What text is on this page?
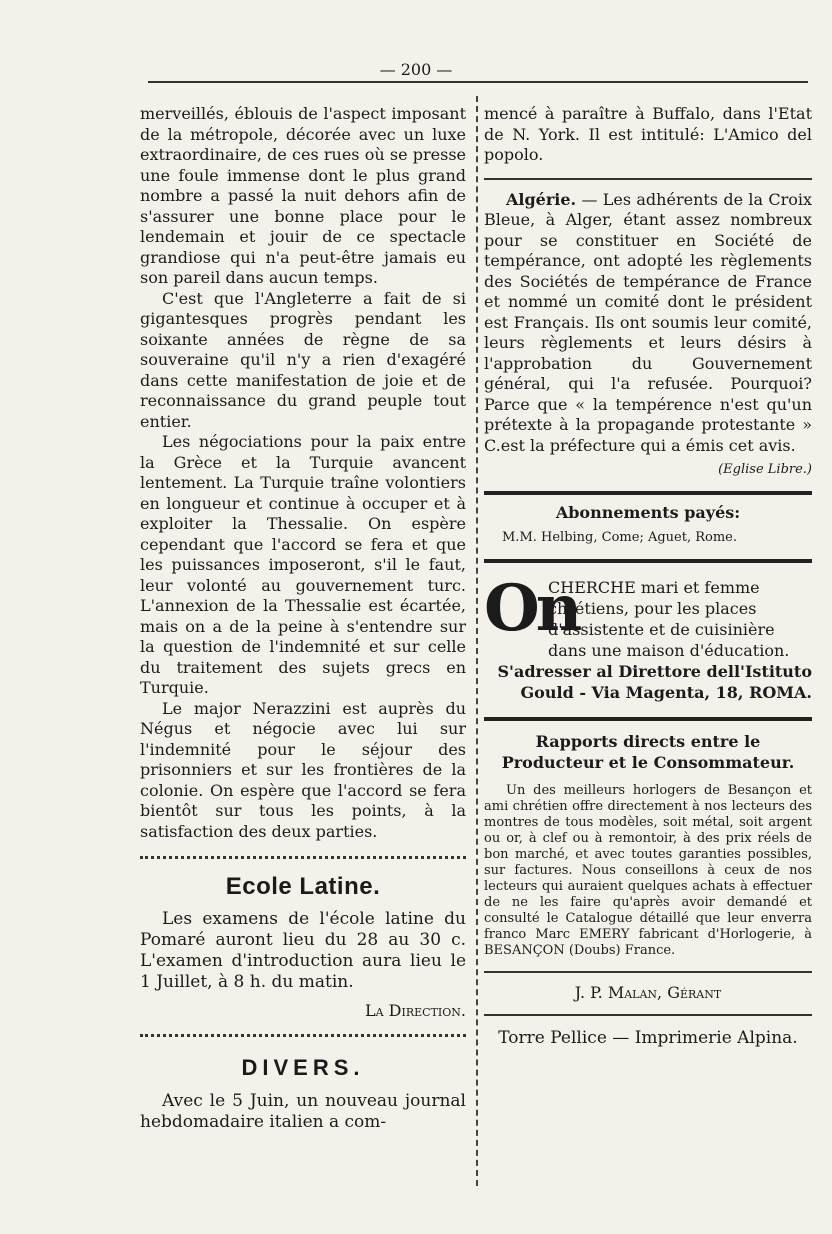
— 200 —

merveillés, éblouis de l'aspect imposant de la métropole, décorée avec un luxe extraordinaire, de ces rues où se presse une foule immense dont le plus grand nombre a passé la nuit dehors afin de s'assurer une bonne place pour le lendemain et jouir de ce spectacle grandiose qui n'a peut-être jamais eu son pareil dans aucun temps.

C'est que l'Angleterre a fait de si gigantesques progrès pendant les soixante années de règne de sa souveraine qu'il n'y a rien d'exagéré dans cette manifestation de joie et de reconnaissance du grand peuple tout entier.

Les négociations pour la paix entre la Grèce et la Turquie avancent lentement. La Turquie traîne volontiers en longueur et continue à occuper et à exploiter la Thessalie. On espère cependant que l'accord se fera et que les puissances imposeront, s'il le faut, leur volonté au gouvernement turc. L'annexion de la Thessalie est écartée, mais on a de la peine à s'entendre sur la question de l'indemnité et sur celle du traitement des sujets grecs en Turquie.

Le major Nerazzini est auprès du Négus et négocie avec lui sur l'indemnité pour le séjour des prisonniers et sur les frontières de la colonie. On espère que l'accord se fera bientôt sur tous les points, à la satisfaction des deux parties.

Ecole Latine.

Les examens de l'école latine du Pomaré auront lieu du 28 au 30 c. L'examen d'introduction aura lieu le 1 Juillet, à 8 h. du matin.

La Direction.
DIVERS.

Avec le 5 Juin, un nouveau journal hebdomadaire italien a com-

mencé à paraître à Buffalo, dans l'Etat de N. York. Il est intitulé: L'Amico del popolo.

Algérie. — Les adhérents de la Croix Bleue, à Alger, étant assez nombreux pour se constituer en Société de tempérance, ont adopté les règlements des Sociétés de tempérance de France et nommé un comité dont le président est Français. Ils ont soumis leur comité, leurs règlements et leurs désirs à l'approbation du Gouvernement général, qui l'a refusée. Pourquoi? Parce que « la tempérence n'est qu'un prétexte à la propagande protestante » C.est la préfecture qui a émis cet avis.

(Eglise Libre.)
Abonnements payés:
M.M. Helbing, Come; Aguet, Rome.
On
CHERCHE mari et femme chrétiens, pour les places d'assistente et de cuisinière dans une maison d'éducation.
S'adresser al Direttore dell'Istituto Gould - Via Magenta, 18, ROMA.
Rapports directs entre le Producteur et le Consommateur.

Un des meilleurs horlogers de Besançon et ami chrétien offre directement à nos lecteurs des montres de tous modèles, soit métal, soit argent ou or, à clef ou à remontoir, à des prix réels de bon marché, et avec toutes garanties possibles, sur factures. Nous conseillons à ceux de nos lecteurs qui auraient quelques achats à effectuer de ne les faire qu'après avoir demandé et consulté le Catalogue détaillé que leur enverra franco Marc EMERY fabricant d'Horlogerie, à BESANÇON (Doubs) France.

J. P. Malan, Gérant
Torre Pellice — Imprimerie Alpina.
